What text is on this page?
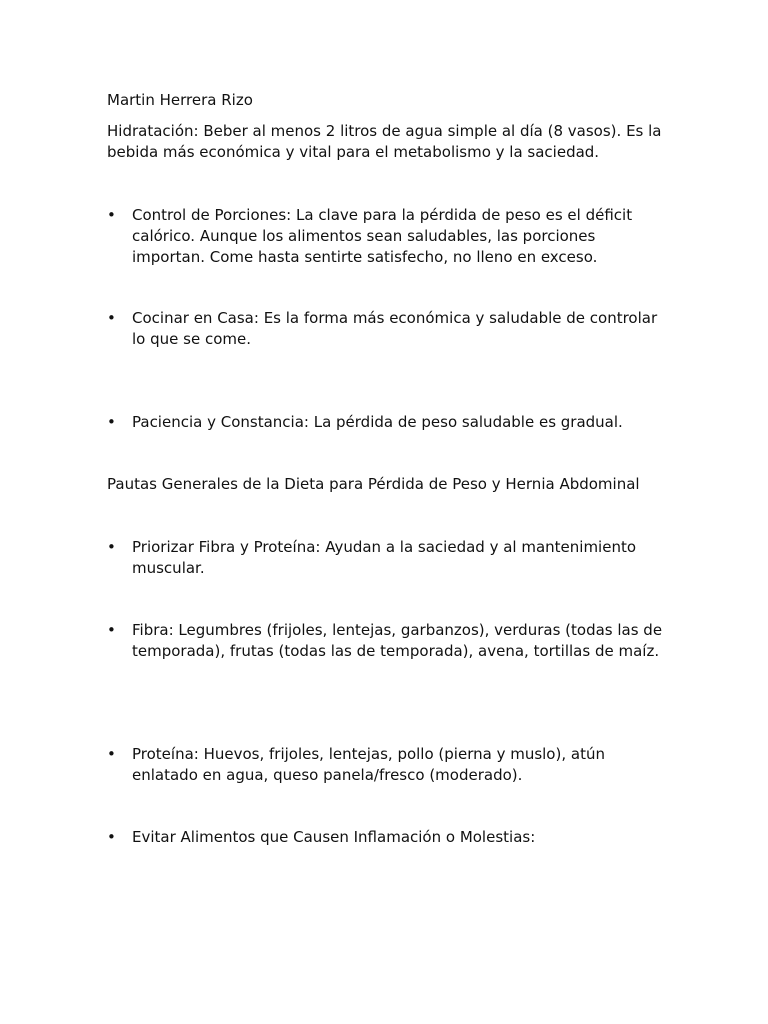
Martin Herrera Rizo

Hidratación: Beber al menos 2 litros de agua simple al día (8 vasos). Es la bebida más económica y vital para el metabolismo y la saciedad.

•	Control de Porciones: La clave para la pérdida de peso es el déficit calórico. Aunque los alimentos sean saludables, las porciones importan. Come hasta sentirte satisfecho, no lleno en exceso.
•	Cocinar en Casa: Es la forma más económica y saludable de controlar lo que se come.
•	Paciencia y Constancia: La pérdida de peso saludable es gradual.

Pautas Generales de la Dieta para Pérdida de Peso y Hernia Abdominal

•	Priorizar Fibra y Proteína: Ayudan a la saciedad y al mantenimiento muscular.
•	Fibra: Legumbres (frijoles, lentejas, garbanzos), verduras (todas las de temporada), frutas (todas las de temporada), avena, tortillas de maíz.
•	Proteína: Huevos, frijoles, lentejas, pollo (pierna y muslo), atún enlatado en agua, queso panela/fresco (moderado).
•	Evitar Alimentos que Causen Inflamación o Molestias:
